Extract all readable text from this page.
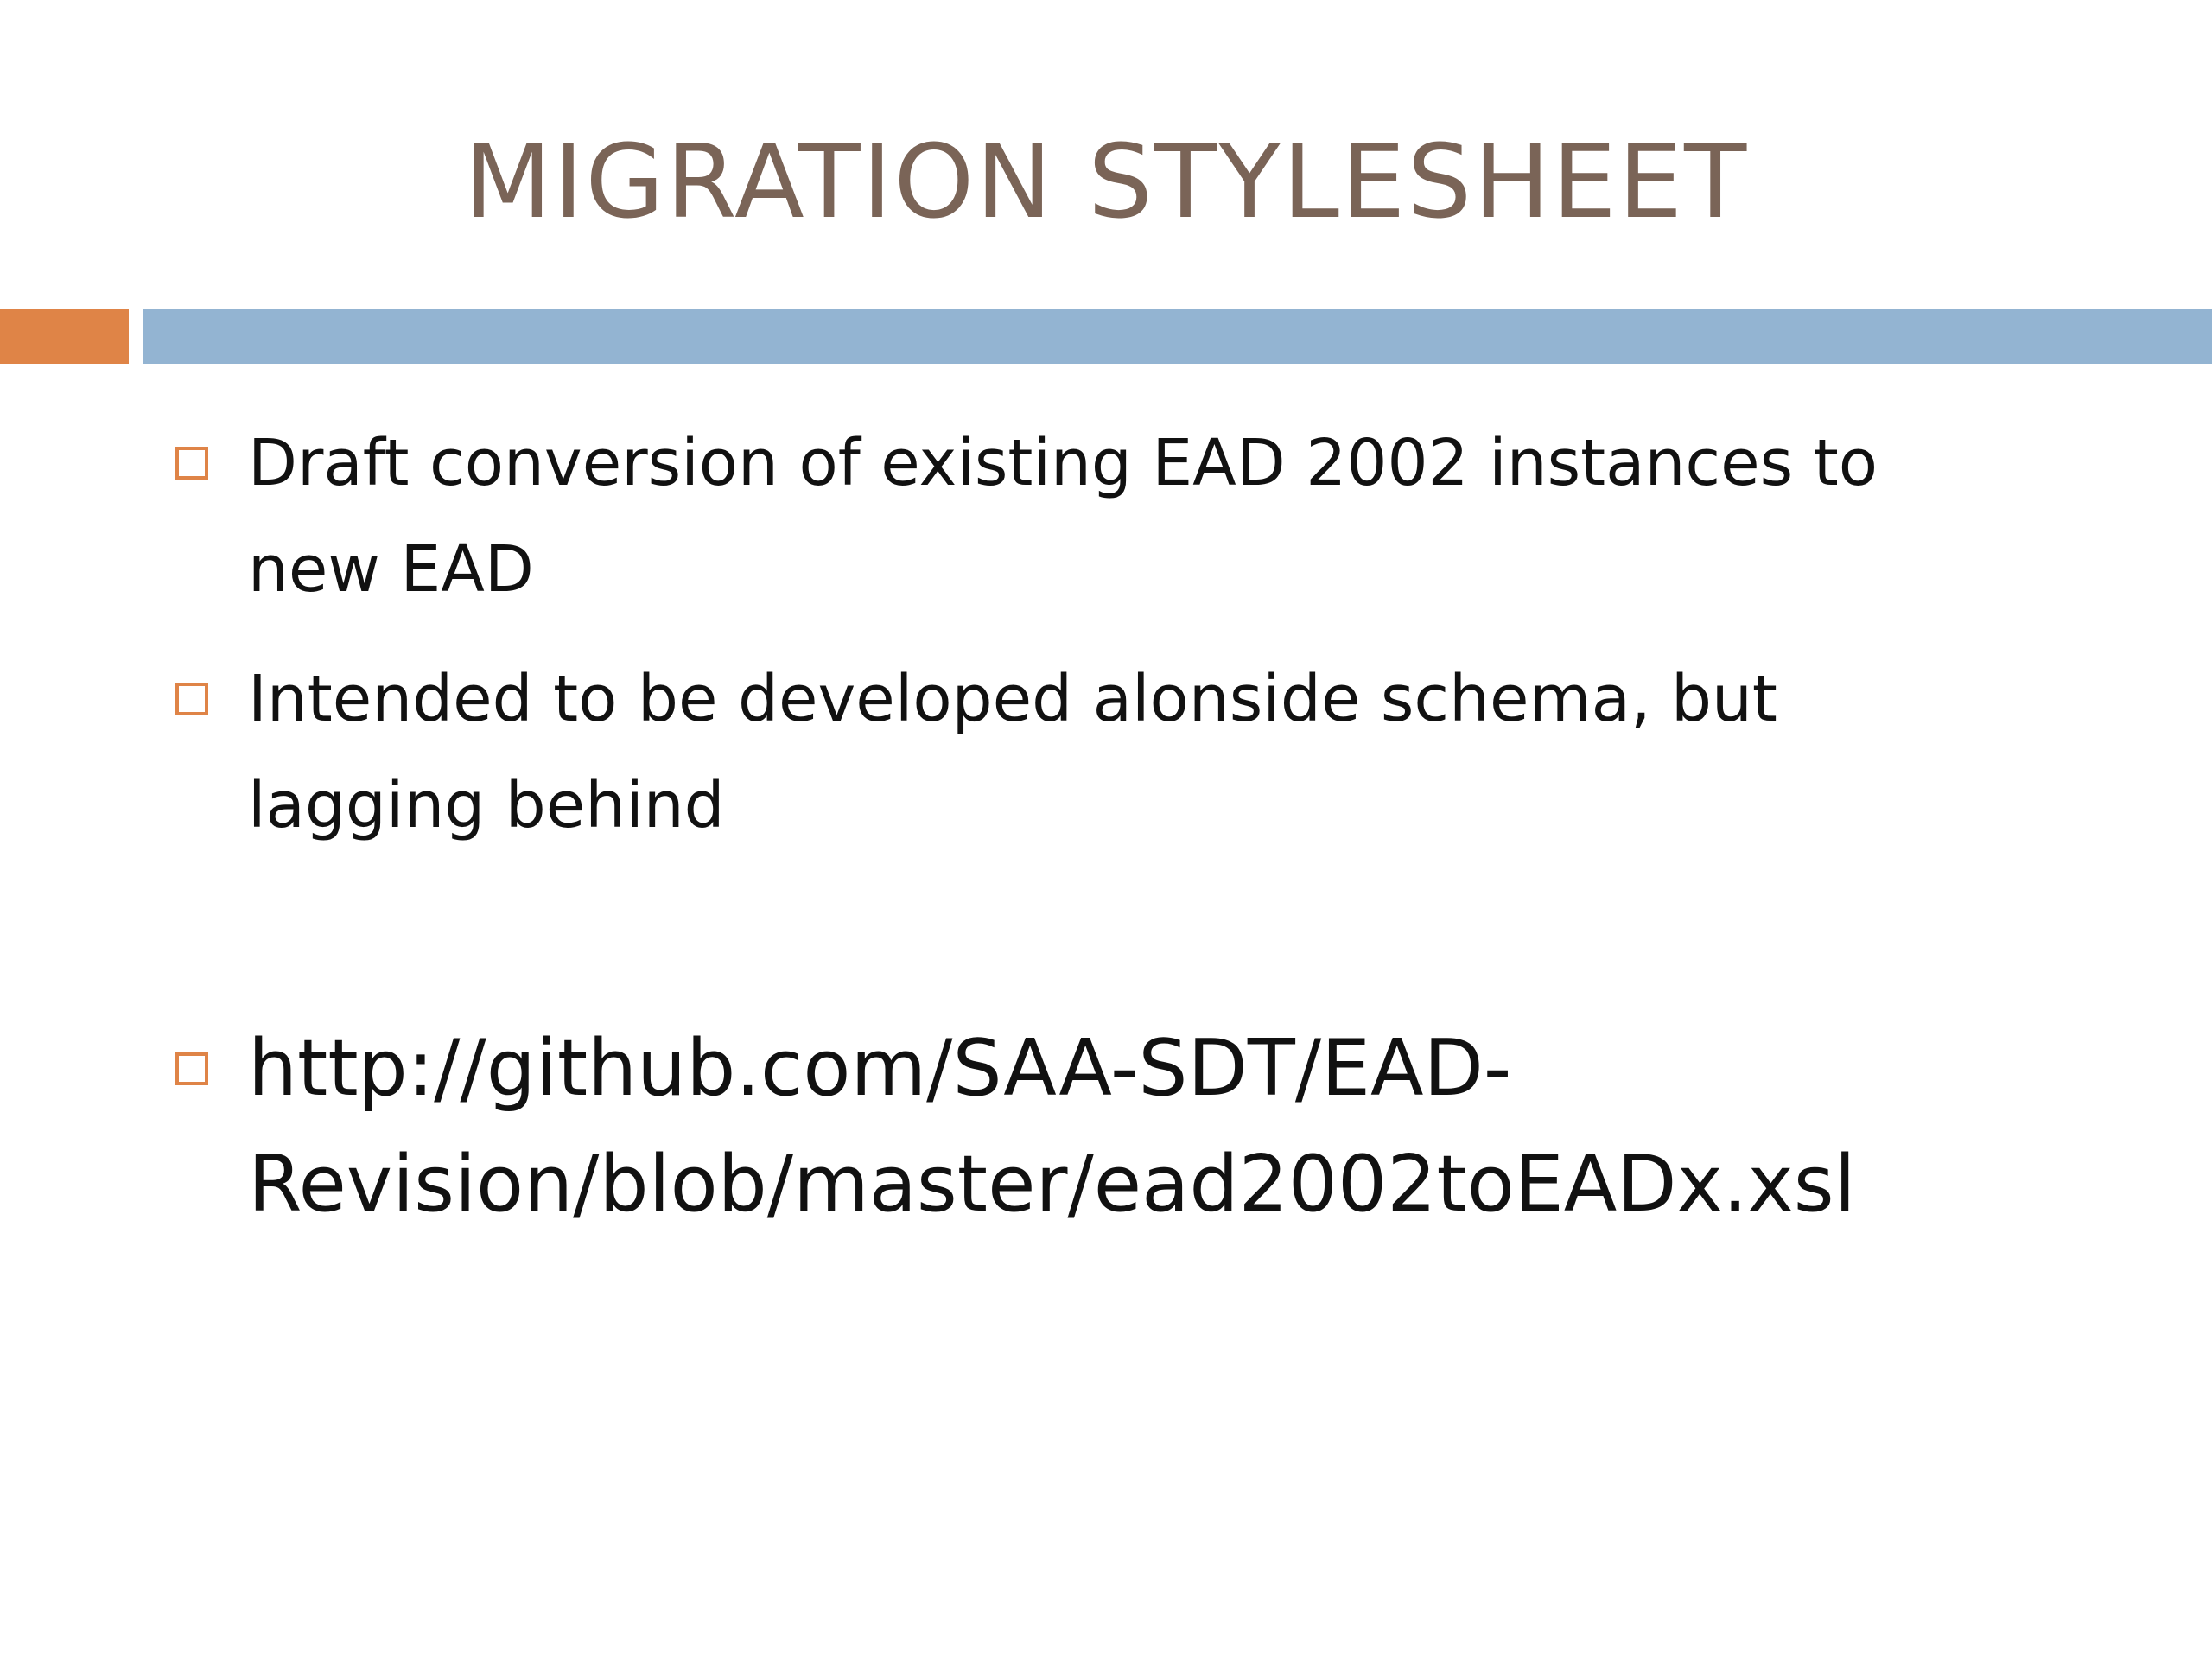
MIGRATION STYLESHEET
Draft conversion of existing EAD 2002 instances to
new EAD
Intended to be developed alonside schema, but
lagging behind
http://github.com/SAA-SDT/EAD-
Revision/blob/master/ead2002toEADx.xsl
